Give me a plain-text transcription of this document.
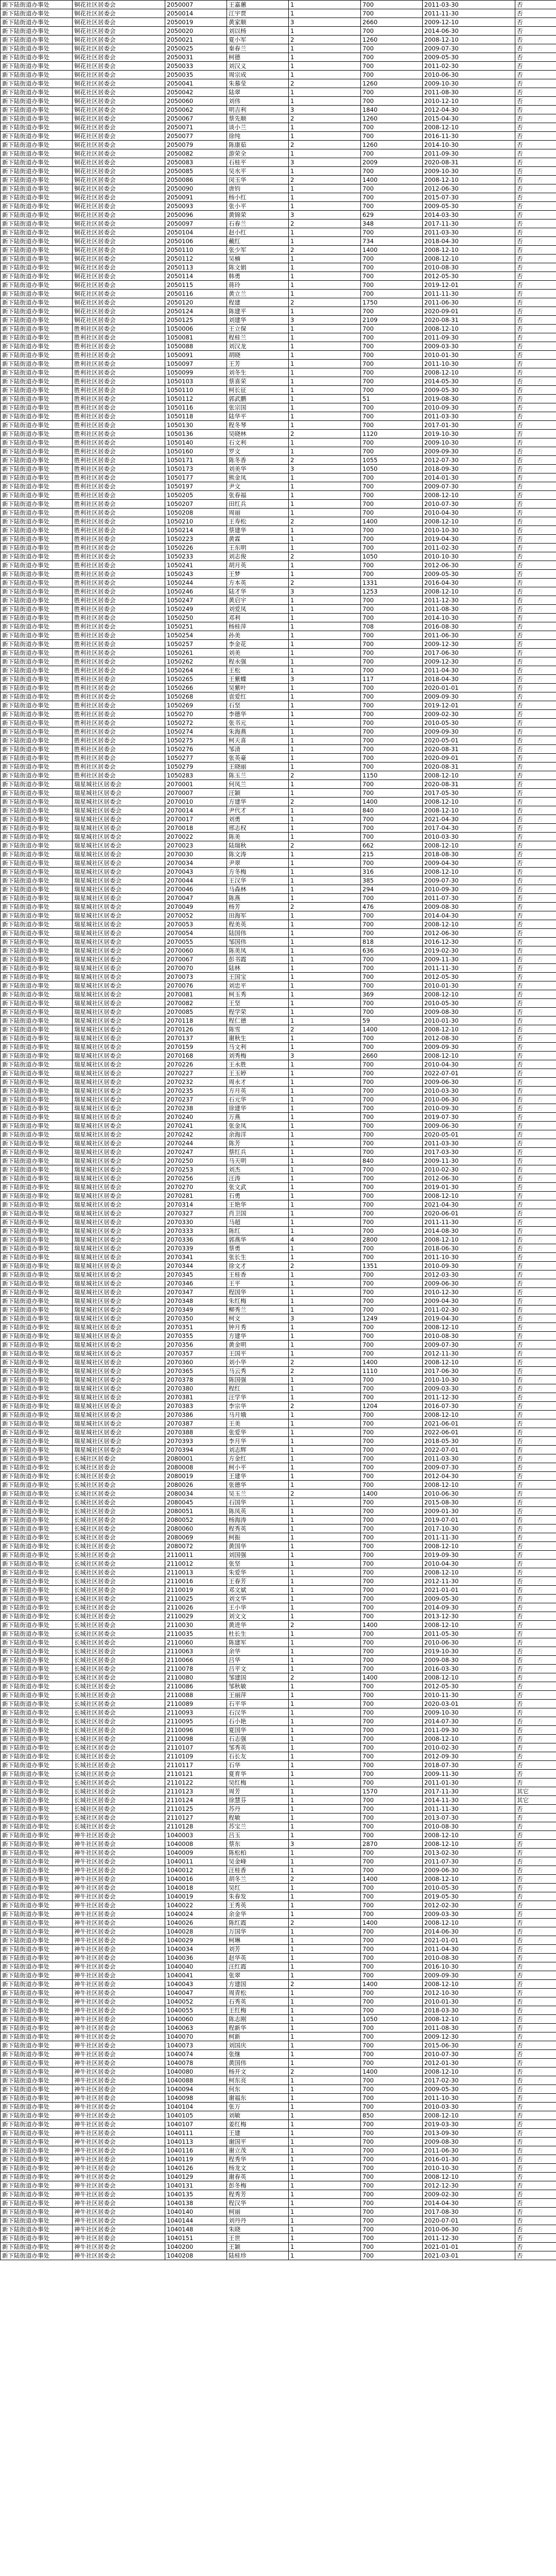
新下陆街道办事处	铜花社区居委会	2050007	王嘉蕙	1	700	2011-03-30	否
新下陆街道办事处	铜花社区居委会	2050014	江宇贾	1	700	2011-11-30	否
新下陆街道办事处	铜花社区居委会	2050019	黄家顺	3	2660	2009-12-10	否
新下陆街道办事处	铜花社区居委会	2050020	刘以杨	1	700	2014-06-30	否
新下陆街道办事处	铜花社区居委会	2050021	夏小军	2	1260	2008-12-10	否
新下陆街道办事处	铜花社区居委会	2050025	秦春兰	1	700	2009-07-30	否
新下陆街道办事处	铜花社区居委会	2050031	柯德	1	700	2009-05-30	否
新下陆街道办事处	铜花社区居委会	2050033	刘汉义	1	700	2011-02-30	否
新下陆街道办事处	铜花社区居委会	2050035	周宗成	1	700	2010-06-30	否
新下陆街道办事处	铜花社区居委会	2050041	朱慕莹	2	1260	2009-10-30	否
新下陆街道办事处	铜花社区居委会	2050042	陆翠	1	700	2011-08-30	否
新下陆街道办事处	铜花社区居委会	2050060	刘伟	1	700	2010-12-10	否
新下陆街道办事处	铜花社区居委会	2050062	明吉利	3	1840	2012-04-30	否
新下陆街道办事处	铜花社区居委会	2050067	蔡先顺	2	1260	2015-04-30	否
新下陆街道办事处	铜花社区居委会	2050071	谈小兰	1	700	2008-12-10	否
新下陆街道办事处	铜花社区居委会	2050077	徐纯	1	700	2016-11-30	否
新下陆街道办事处	铜花社区居委会	2050079	陈康茹	2	1260	2014-10-30	否
新下陆街道办事处	铜花社区居委会	2050082	游荣全	1	700	2011-09-30	否
新下陆街道办事处	铜花社区居委会	2050083	石桂平	3	2009	2020-08-31	否
新下陆街道办事处	铜花社区居委会	2050085	吴水平	1	700	2009-10-30	否
新下陆街道办事处	铜花社区居委会	2050086	闵玉华	2	1400	2008-12-10	否
新下陆街道办事处	铜花社区居委会	2050090	唐钧	1	700	2012-06-30	否
新下陆街道办事处	铜花社区居委会	2050091	杨小红	1	700	2015-07-30	否
新下陆街道办事处	铜花社区居委会	2050093	张小平	1	700	2009-05-30	否
新下陆街道办事处	铜花社区居委会	2050096	黄锦荣	3	629	2014-03-30	否
新下陆街道办事处	铜花社区居委会	2050097	石春兰	2	348	2017-11-30	否
新下陆街道办事处	铜花社区居委会	2050104	赵小红	1	700	2011-03-30	否
新下陆街道办事处	铜花社区居委会	2050106	戴红	1	734	2018-04-30	否
新下陆街道办事处	铜花社区居委会	2050110	张少军	2	1400	2008-12-10	否
新下陆街道办事处	铜花社区居委会	2050112	吴楠	1	700	2008-12-10	否
新下陆街道办事处	铜花社区居委会	2050113	陈文娟	1	700	2010-08-30	否
新下陆街道办事处	铜花社区居委会	2050114	韩勇	1	700	2012-05-30	否
新下陆街道办事处	铜花社区居委会	2050115	蒋玲	1	700	2019-12-01	否
新下陆街道办事处	铜花社区居委会	2050116	黄立兰	1	700	2011-11-30	否
新下陆街道办事处	铜花社区居委会	2050120	程建	2	1750	2011-06-30	否
新下陆街道办事处	铜花社区居委会	2050124	陈建平	1	700	2020-09-01	否
新下陆街道办事处	铜花社区居委会	2050125	刘建华	3	2109	2020-08-31	否
新下陆街道办事处	胜利社区居委会	1050006	王立保	1	700	2008-12-10	否
新下陆街道办事处	胜利社区居委会	1050081	程桂兰	1	700	2011-09-30	否
新下陆街道办事处	胜利社区居委会	1050088	刘汉龙	1	700	2009-03-30	否
新下陆街道办事处	胜利社区居委会	1050091	胡晓	1	700	2010-01-30	否
新下陆街道办事处	胜利社区居委会	1050097	王芳	1	700	2011-10-30	否
新下陆街道办事处	胜利社区居委会	1050099	刘冬生	1	700	2008-12-10	否
新下陆街道办事处	胜利社区居委会	1050103	蔡喜荣	1	700	2014-05-30	否
新下陆街道办事处	胜利社区居委会	1050110	柯长征	1	700	2009-05-30	否
新下陆街道办事处	胜利社区居委会	1050112	郭武鹏	1	51	2019-08-30	否
新下陆街道办事处	胜利社区居委会	1050116	张宗国	1	700	2010-09-30	否
新下陆街道办事处	胜利社区居委会	1050118	陆华平	1	700	2011-03-30	否
新下陆街道办事处	胜利社区居委会	1050130	程冬琴	1	700	2017-01-30	否
新下陆街道办事处	胜利社区居委会	1050136	吴晓林	2	1120	2019-10-30	否
新下陆街道办事处	胜利社区居委会	1050140	石文利	1	700	2009-10-30	否
新下陆街道办事处	胜利社区居委会	1050160	罗文	1	700	2009-09-30	否
新下陆街道办事处	胜利社区居委会	1050171	陈冬香	2	1055	2012-07-30	否
新下陆街道办事处	胜利社区居委会	1050173	刘美华	3	1050	2018-09-30	否
新下陆街道办事处	胜利社区居委会	1050177	熊金凤	1	700	2014-01-30	否
新下陆街道办事处	胜利社区居委会	1050197	尹文	1	700	2009-07-30	否
新下陆街道办事处	胜利社区居委会	1050205	张春福	1	700	2008-12-10	否
新下陆街道办事处	胜利社区居委会	1050207	田红兵	1	700	2010-07-30	否
新下陆街道办事处	胜利社区居委会	1050208	周丽	1	700	2010-04-30	否
新下陆街道办事处	胜利社区居委会	1050210	王寿松	2	1400	2008-12-10	否
新下陆街道办事处	胜利社区居委会	1050214	蔡建华	1	700	2010-10-30	否
新下陆街道办事处	胜利社区居委会	1050223	黄霖	1	700	2019-04-30	否
新下陆街道办事处	胜利社区居委会	1050226	王东明	1	700	2011-02-30	否
新下陆街道办事处	胜利社区居委会	1050233	刘志俊	2	1050	2010-10-30	否
新下陆街道办事处	胜利社区居委会	1050241	胡月英	1	700	2012-06-30	否
新下陆街道办事处	胜利社区居委会	1050243	王梦	1	700	2009-05-30	否
新下陆街道办事处	胜利社区居委会	1050244	方本英	2	1331	2016-04-30	否
新下陆街道办事处	胜利社区居委会	1050246	陆才华	3	1253	2008-12-10	否
新下陆街道办事处	胜利社区居委会	1050247	黄启宇	1	700	2011-12-30	否
新下陆街道办事处	胜利社区居委会	1050249	刘爱凤	1	700	2011-08-30	否
新下陆街道办事处	胜利社区居委会	1050250	邓利	1	700	2014-10-30	否
新下陆街道办事处	胜利社区居委会	1050251	杨桂萍	1	708	2016-08-30	否
新下陆街道办事处	胜利社区居委会	1050254	孙美	1	700	2011-06-30	否
新下陆街道办事处	胜利社区居委会	1050257	李金花	1	700	2009-12-30	否
新下陆街道办事处	胜利社区居委会	1050261	刘美	1	700	2017-06-30	否
新下陆街道办事处	胜利社区居委会	1050262	程永强	1	700	2009-12-30	否
新下陆街道办事处	胜利社区居委会	1050264	王松	1	700	2011-04-30	否
新下陆街道办事处	胜利社区居委会	1050265	王紫蝶	3	117	2018-04-30	否
新下陆街道办事处	胜利社区居委会	1050266	吴紫叶	1	700	2020-01-01	否
新下陆街道办事处	胜利社区居委会	1050268	袁爱红	1	700	2009-09-30	否
新下陆街道办事处	胜利社区居委会	1050269	石坚	1	700	2019-12-01	否
新下陆街道办事处	胜利社区居委会	1050270	李德华	1	700	2009-02-30	否
新下陆街道办事处	胜利社区居委会	1050272	张书元	1	700	2010-05-30	否
新下陆街道办事处	胜利社区居委会	1050274	朱海燕	1	700	2009-09-30	否
新下陆街道办事处	胜利社区居委会	1050275	柯天喜	1	700	2020-05-01	否
新下陆街道办事处	胜利社区居委会	1050276	邹清	1	700	2020-08-31	否
新下陆街道办事处	胜利社区居委会	1050277	张英豪	1	700	2020-09-01	否
新下陆街道办事处	胜利社区居委会	1050279	王晓丽	1	700	2020-08-31	否
新下陆街道办事处	胜利社区居委会	1050283	陈玉兰	2	1150	2008-12-10	否
新下陆街道办事处	瑞星城社区居委会	2070001	何凤兰	1	700	2020-08-31	否
新下陆街道办事处	瑞星城社区居委会	2070007	汪颖	1	700	2017-05-30	否
新下陆街道办事处	瑞星城社区居委会	2070010	方建华	2	1400	2008-12-10	否
新下陆街道办事处	瑞星城社区居委会	2070014	尹代才	1	840	2008-12-10	否
新下陆街道办事处	瑞星城社区居委会	2070017	刘勇	1	700	2021-04-30	否
新下陆街道办事处	瑞星城社区居委会	2070018	邢志权	1	700	2017-04-30	否
新下陆街道办事处	瑞星城社区居委会	2070022	陈美	1	700	2010-03-30	否
新下陆街道办事处	瑞星城社区居委会	2070023	陆瑞秋	2	662	2008-12-10	否
新下陆街道办事处	瑞星城社区居委会	2070030	陈文涛	1	215	2018-08-30	否
新下陆街道办事处	瑞星城社区居委会	2070034	尹翠	1	700	2009-04-30	否
新下陆街道办事处	瑞星城社区居委会	2070043	方冬梅	1	316	2008-12-10	否
新下陆街道办事处	瑞星城社区居委会	2070044	王汉华	1	385	2009-07-30	否
新下陆街道办事处	瑞星城社区居委会	2070046	马森林	1	294	2010-09-30	否
新下陆街道办事处	瑞星城社区居委会	2070047	陈燕	1	700	2011-07-30	否
新下陆街道办事处	瑞星城社区居委会	2070049	杨芳	2	476	2009-08-30	否
新下陆街道办事处	瑞星城社区居委会	2070052	田海军	1	700	2014-04-30	否
新下陆街道办事处	瑞星城社区居委会	2070053	程美英	1	700	2008-12-10	否
新下陆街道办事处	瑞星城社区居委会	2070054	陆国伟	1	700	2012-06-30	否
新下陆街道办事处	瑞星城社区居委会	2070055	邹国伟	1	818	2016-12-30	否
新下陆街道办事处	瑞星城社区居委会	2070060	陈美凤	1	636	2019-02-30	否
新下陆街道办事处	瑞星城社区居委会	2070067	彭书霞	1	700	2009-11-30	否
新下陆街道办事处	瑞星城社区居委会	2070070	陆林	1	700	2011-11-30	否
新下陆街道办事处	瑞星城社区居委会	2070073	王国宝	1	700	2012-05-30	否
新下陆街道办事处	瑞星城社区居委会	2070076	刘忠平	1	700	2010-01-30	否
新下陆街道办事处	瑞星城社区居委会	2070081	柯玉秀	1	369	2008-12-10	否
新下陆街道办事处	瑞星城社区居委会	2070082	王坚	1	700	2010-05-30	否
新下陆街道办事处	瑞星城社区居委会	2070085	程学荣	1	700	2009-08-30	否
新下陆街道办事处	瑞星城社区居委会	2070118	程仁德	1	59	2010-01-30	否
新下陆街道办事处	瑞星城社区居委会	2070126	陈雪	2	1400	2008-12-10	否
新下陆街道办事处	瑞星城社区居委会	2070137	谢秋生	1	700	2012-08-30	否
新下陆街道办事处	瑞星城社区居委会	2070159	马文利	1	700	2009-09-30	否
新下陆街道办事处	瑞星城社区居委会	2070168	刘秀梅	3	2660	2008-12-10	否
新下陆街道办事处	瑞星城社区居委会	2070226	王永胜	1	700	2010-04-30	否
新下陆街道办事处	瑞星城社区居委会	2070227	王玉婷	1	700	2022-07-01	否
新下陆街道办事处	瑞星城社区居委会	2070232	周永才	1	700	2009-06-30	否
新下陆街道办事处	瑞星城社区居委会	2070235	方月英	1	700	2010-03-30	否
新下陆街道办事处	瑞星城社区居委会	2070237	石元华	1	700	2010-06-30	否
新下陆街道办事处	瑞星城社区居委会	2070238	徐建华	1	700	2010-09-30	否
新下陆街道办事处	瑞星城社区居委会	2070240	万燕	1	700	2019-07-30	否
新下陆街道办事处	瑞星城社区居委会	2070241	张金凤	1	700	2009-06-30	否
新下陆街道办事处	瑞星城社区居委会	2070242	余海洋	1	700	2020-05-01	否
新下陆街道办事处	瑞星城社区居委会	2070244	陈芳	1	700	2011-03-30	否
新下陆街道办事处	瑞星城社区居委会	2070247	蔡红兵	1	700	2017-03-30	否
新下陆街道办事处	瑞星城社区居委会	2070250	马天明	1	840	2009-11-30	否
新下陆街道办事处	瑞星城社区居委会	2070253	刘杰	1	700	2010-02-30	否
新下陆街道办事处	瑞星城社区居委会	2070256	汪涛	1	700	2012-06-30	否
新下陆街道办事处	瑞星城社区居委会	2070270	张文武	1	700	2019-01-30	否
新下陆街道办事处	瑞星城社区居委会	2070281	石勇	1	700	2008-12-10	否
新下陆街道办事处	瑞星城社区居委会	2070314	王艳华	1	700	2021-04-30	否
新下陆街道办事处	瑞星城社区居委会	2070327	肖卫国	1	700	2020-06-01	否
新下陆街道办事处	瑞星城社区居委会	2070330	马超	1	700	2011-11-30	否
新下陆街道办事处	瑞星城社区居委会	2070333	陈红	1	700	2014-08-30	否
新下陆街道办事处	瑞星城社区居委会	2070336	郭燕华	4	2800	2008-12-10	否
新下陆街道办事处	瑞星城社区居委会	2070339	蔡勇	1	700	2018-06-30	否
新下陆街道办事处	瑞星城社区居委会	2070341	张长生	1	700	2011-10-30	否
新下陆街道办事处	瑞星城社区居委会	2070344	徐文才	2	1351	2010-09-30	否
新下陆街道办事处	瑞星城社区居委会	2070345	王桂香	1	700	2012-03-30	否
新下陆街道办事处	瑞星城社区居委会	2070346	王平	1	700	2009-06-30	否
新下陆街道办事处	瑞星城社区居委会	2070347	程国华	1	700	2010-12-30	否
新下陆街道办事处	瑞星城社区居委会	2070348	朱红梅	1	700	2009-04-30	否
新下陆街道办事处	瑞星城社区居委会	2070349	柳秀兰	1	700	2011-02-30	否
新下陆街道办事处	瑞星城社区居委会	2070350	柯文	3	1249	2019-04-30	否
新下陆街道办事处	瑞星城社区居委会	2070351	钟月秀	1	700	2008-12-10	否
新下陆街道办事处	瑞星城社区居委会	2070355	方建华	1	700	2010-08-30	否
新下陆街道办事处	瑞星城社区居委会	2070356	黄金明	1	700	2009-07-30	否
新下陆街道办事处	瑞星城社区居委会	2070357	王国平	1	700	2012-11-30	否
新下陆街道办事处	瑞星城社区居委会	2070360	刘小华	2	1400	2008-12-10	否
新下陆街道办事处	瑞星城社区居委会	2070365	马云秀	2	1110	2017-06-30	否
新下陆街道办事处	瑞星城社区居委会	2070378	陈国强	1	700	2010-10-30	否
新下陆街道办事处	瑞星城社区居委会	2070380	程红	1	700	2009-03-30	否
新下陆街道办事处	瑞星城社区居委会	2070381	汪学华	1	700	2011-12-30	否
新下陆街道办事处	瑞星城社区居委会	2070383	李宗华	2	1204	2016-07-30	否
新下陆街道办事处	瑞星城社区居委会	2070386	马月娥	1	700	2008-12-10	否
新下陆街道办事处	瑞星城社区居委会	2070387	王美	1	700	2021-06-01	否
新下陆街道办事处	瑞星城社区居委会	2070388	张爱华	1	700	2022-06-01	否
新下陆街道办事处	瑞星城社区居委会	2070393	李月华	1	700	2018-05-30	否
新下陆街道办事处	瑞星城社区居委会	2070394	刘志辉	1	700	2022-07-01	否
新下陆街道办事处	长城社区居委会	2080001	方金红	1	700	2011-03-30	否
新下陆街道办事处	长城社区居委会	2080008	柯小平	1	700	2009-07-30	否
新下陆街道办事处	长城社区居委会	2080019	王建华	1	700	2012-04-30	否
新下陆街道办事处	长城社区居委会	2080026	张德华	1	700	2008-12-10	否
新下陆街道办事处	长城社区居委会	2080034	吴玉兰	2	1400	2010-06-30	否
新下陆街道办事处	长城社区居委会	2080045	石国华	1	700	2015-08-30	否
新下陆街道办事处	长城社区居委会	2080051	陈凤英	1	700	2009-01-30	否
新下陆街道办事处	长城社区居委会	2080052	杨海涛	1	700	2019-07-01	否
新下陆街道办事处	长城社区居委会	2080060	程秀英	1	700	2017-10-30	否
新下陆街道办事处	长城社区居委会	2080069	柯振	1	700	2011-11-30	否
新下陆街道办事处	长城社区居委会	2080072	黄国华	1	700	2008-12-10	否
新下陆街道办事处	长城社区居委会	2110011	刘国强	1	700	2019-09-30	否
新下陆街道办事处	长城社区居委会	2110012	张坚	1	700	2010-04-30	否
新下陆街道办事处	长城社区居委会	2110013	朱爱华	1	700	2008-12-10	否
新下陆街道办事处	长城社区居委会	2110016	王春芳	1	700	2012-11-30	否
新下陆街道办事处	长城社区居委会	2110019	邓文斌	1	700	2021-01-01	否
新下陆街道办事处	长城社区居委会	2110025	刘文华	1	700	2009-05-30	否
新下陆街道办事处	长城社区居委会	2110026	王小华	1	700	2014-09-30	否
新下陆街道办事处	长城社区居委会	2110029	刘文文	1	700	2013-12-30	否
新下陆街道办事处	长城社区居委会	2110030	黄进华	2	1400	2008-12-10	否
新下陆街道办事处	长城社区居委会	2110035	杜长生	1	700	2011-05-30	否
新下陆街道办事处	长城社区居委会	2110060	陈建军	1	700	2010-06-30	否
新下陆街道办事处	长城社区居委会	2110063	余华	1	700	2019-10-30	否
新下陆街道办事处	长城社区居委会	2110066	吕华	1	700	2009-08-30	否
新下陆街道办事处	长城社区居委会	2110078	吕平文	1	700	2016-03-30	否
新下陆街道办事处	长城社区居委会	2110080	邹建国	2	1400	2008-12-10	否
新下陆街道办事处	长城社区居委会	2110086	邹秋敏	1	700	2012-05-30	否
新下陆街道办事处	长城社区居委会	2110088	王丽萍	1	700	2010-11-30	否
新下陆街道办事处	长城社区居委会	2110089	石平华	1	700	2020-03-01	否
新下陆街道办事处	长城社区居委会	2110093	石汉华	1	700	2009-10-30	否
新下陆街道办事处	长城社区居委会	2110095	石小艳	1	700	2014-07-30	否
新下陆街道办事处	长城社区居委会	2110096	夏国华	1	700	2011-09-30	否
新下陆街道办事处	长城社区居委会	2110098	石志强	1	700	2008-12-10	否
新下陆街道办事处	长城社区居委会	2110107	邹秀英	1	700	2010-02-30	否
新下陆街道办事处	长城社区居委会	2110109	石长友	1	700	2012-09-30	否
新下陆街道办事处	长城社区居委会	2110117	石华	1	700	2018-07-30	否
新下陆街道办事处	长城社区居委会	2110121	夏育华	1	700	2009-11-30	否
新下陆街道办事处	长城社区居委会	2110122	吴红梅	1	700	2011-01-30	否
新下陆街道办事处	长城社区居委会	2110123	周芳	1	1570	2017-11-30	其它
新下陆街道办事处	长城社区居委会	2110124	徐慧芬	1	700	2014-11-30	其它
新下陆街道办事处	长城社区居委会	2110125	苏丹	1	700	2011-11-30	否
新下陆街道办事处	长城社区居委会	2110127	程敏	1	700	2013-07-30	否
新下陆街道办事处	长城社区居委会	2110128	苏宝兰	1	700	2010-08-30	否
新下陆街道办事处	神牛社区居委会	1040003	吕玉	1	700	2008-12-10	否
新下陆街道办事处	神牛社区居委会	1040008	蔡东	3	2870	2008-12-10	否
新下陆街道办事处	神牛社区居委会	1040009	陈松柏	1	700	2013-02-30	否
新下陆街道办事处	神牛社区居委会	1040011	吴金峰	1	700	2011-07-30	否
新下陆街道办事处	神牛社区居委会	1040012	汪桂香	1	700	2009-06-30	否
新下陆街道办事处	神牛社区居委会	1040016	胡冬兰	2	1400	2008-12-10	否
新下陆街道办事处	神牛社区居委会	1040018	吴红	1	700	2010-05-30	否
新下陆街道办事处	神牛社区居委会	1040019	朱春发	1	700	2019-05-30	否
新下陆街道办事处	神牛社区居委会	1040022	王秀英	1	700	2012-02-30	否
新下陆街道办事处	神牛社区居委会	1040024	余金华	1	700	2009-03-30	否
新下陆街道办事处	神牛社区居委会	1040026	陈红霞	2	1400	2008-12-10	否
新下陆街道办事处	神牛社区居委会	1040028	万国华	1	700	2014-06-30	否
新下陆街道办事处	神牛社区居委会	1040029	柯琳	1	700	2021-01-01	否
新下陆街道办事处	神牛社区居委会	1040034	刘芳	1	700	2011-04-30	否
新下陆街道办事处	神牛社区居委会	1040036	赵华英	1	700	2010-08-30	否
新下陆街道办事处	神牛社区居委会	1040040	汪红霞	1	700	2016-10-30	否
新下陆街道办事处	神牛社区居委会	1040041	张翠	1	700	2009-09-30	否
新下陆街道办事处	神牛社区居委会	1040043	方建国	2	1400	2008-12-10	否
新下陆街道办事处	神牛社区居委会	1040047	周青松	1	700	2012-10-30	否
新下陆街道办事处	神牛社区居委会	1040052	石秀英	1	700	2010-01-30	否
新下陆街道办事处	神牛社区居委会	1040055	王红梅	1	700	2018-03-30	否
新下陆街道办事处	神牛社区居委会	1040060	陈志刚	1	1050	2008-12-10	否
新下陆街道办事处	神牛社区居委会	1040063	程新华	1	700	2011-08-30	否
新下陆街道办事处	神牛社区居委会	1040070	柯新	1	700	2009-12-30	否
新下陆街道办事处	神牛社区居委会	1040073	刘国庆	1	700	2015-06-30	否
新下陆街道办事处	神牛社区居委会	1040074	张继	1	700	2010-07-30	否
新下陆街道办事处	神牛社区居委会	1040078	黄国伟	1	700	2012-01-30	否
新下陆街道办事处	神牛社区居委会	1040080	杨开文	2	1400	2008-12-10	否
新下陆街道办事处	神牛社区居委会	1040088	柯东亮	1	700	2017-02-30	否
新下陆街道办事处	神牛社区居委会	1040094	何东	1	700	2009-05-30	否
新下陆街道办事处	神牛社区居委会	1040098	谢福东	1	700	2011-10-30	否
新下陆街道办事处	神牛社区居委会	1040104	张万	1	700	2010-03-30	否
新下陆街道办事处	神牛社区居委会	1040105	刘敏	1	850	2008-12-10	否
新下陆街道办事处	神牛社区居委会	1040107	姜红梅	1	700	2019-03-30	否
新下陆街道办事处	神牛社区居委会	1040111	王建	1	700	2013-09-30	否
新下陆街道办事处	神牛社区居委会	1040113	谢国平	1	700	2009-08-30	否
新下陆街道办事处	神牛社区居委会	1040116	谢立茂	1	700	2011-06-30	否
新下陆街道办事处	神牛社区居委会	1040119	程秀华	1	700	2016-01-30	否
新下陆街道办事处	神牛社区居委会	1040126	杨龙文	1	700	2010-10-30	否
新下陆街道办事处	神牛社区居委会	1040129	谢春英	1	700	2008-12-10	否
新下陆街道办事处	神牛社区居委会	1040131	彭冬梅	1	700	2012-12-30	否
新下陆街道办事处	神牛社区居委会	1040135	程秀芳	1	700	2009-02-30	否
新下陆街道办事处	神牛社区居委会	1040138	程汉华	1	700	2014-04-30	否
新下陆街道办事处	神牛社区居委会	1040140	柯丽	1	700	2017-08-30	否
新下陆街道办事处	神牛社区居委会	1040144	刘丹丹	1	700	2020-07-01	否
新下陆街道办事处	神牛社区居委会	1040148	朱晓	1	700	2010-06-30	否
新下陆街道办事处	神牛社区居委会	1040151	王世	1	700	2011-12-30	否
新下陆街道办事处	神牛社区居委会	1040200	王颖	1	700	2021-01-01	否
新下陆街道办事处	神牛社区居委会	1040208	陆桂珍	1	700	2021-03-01	否
